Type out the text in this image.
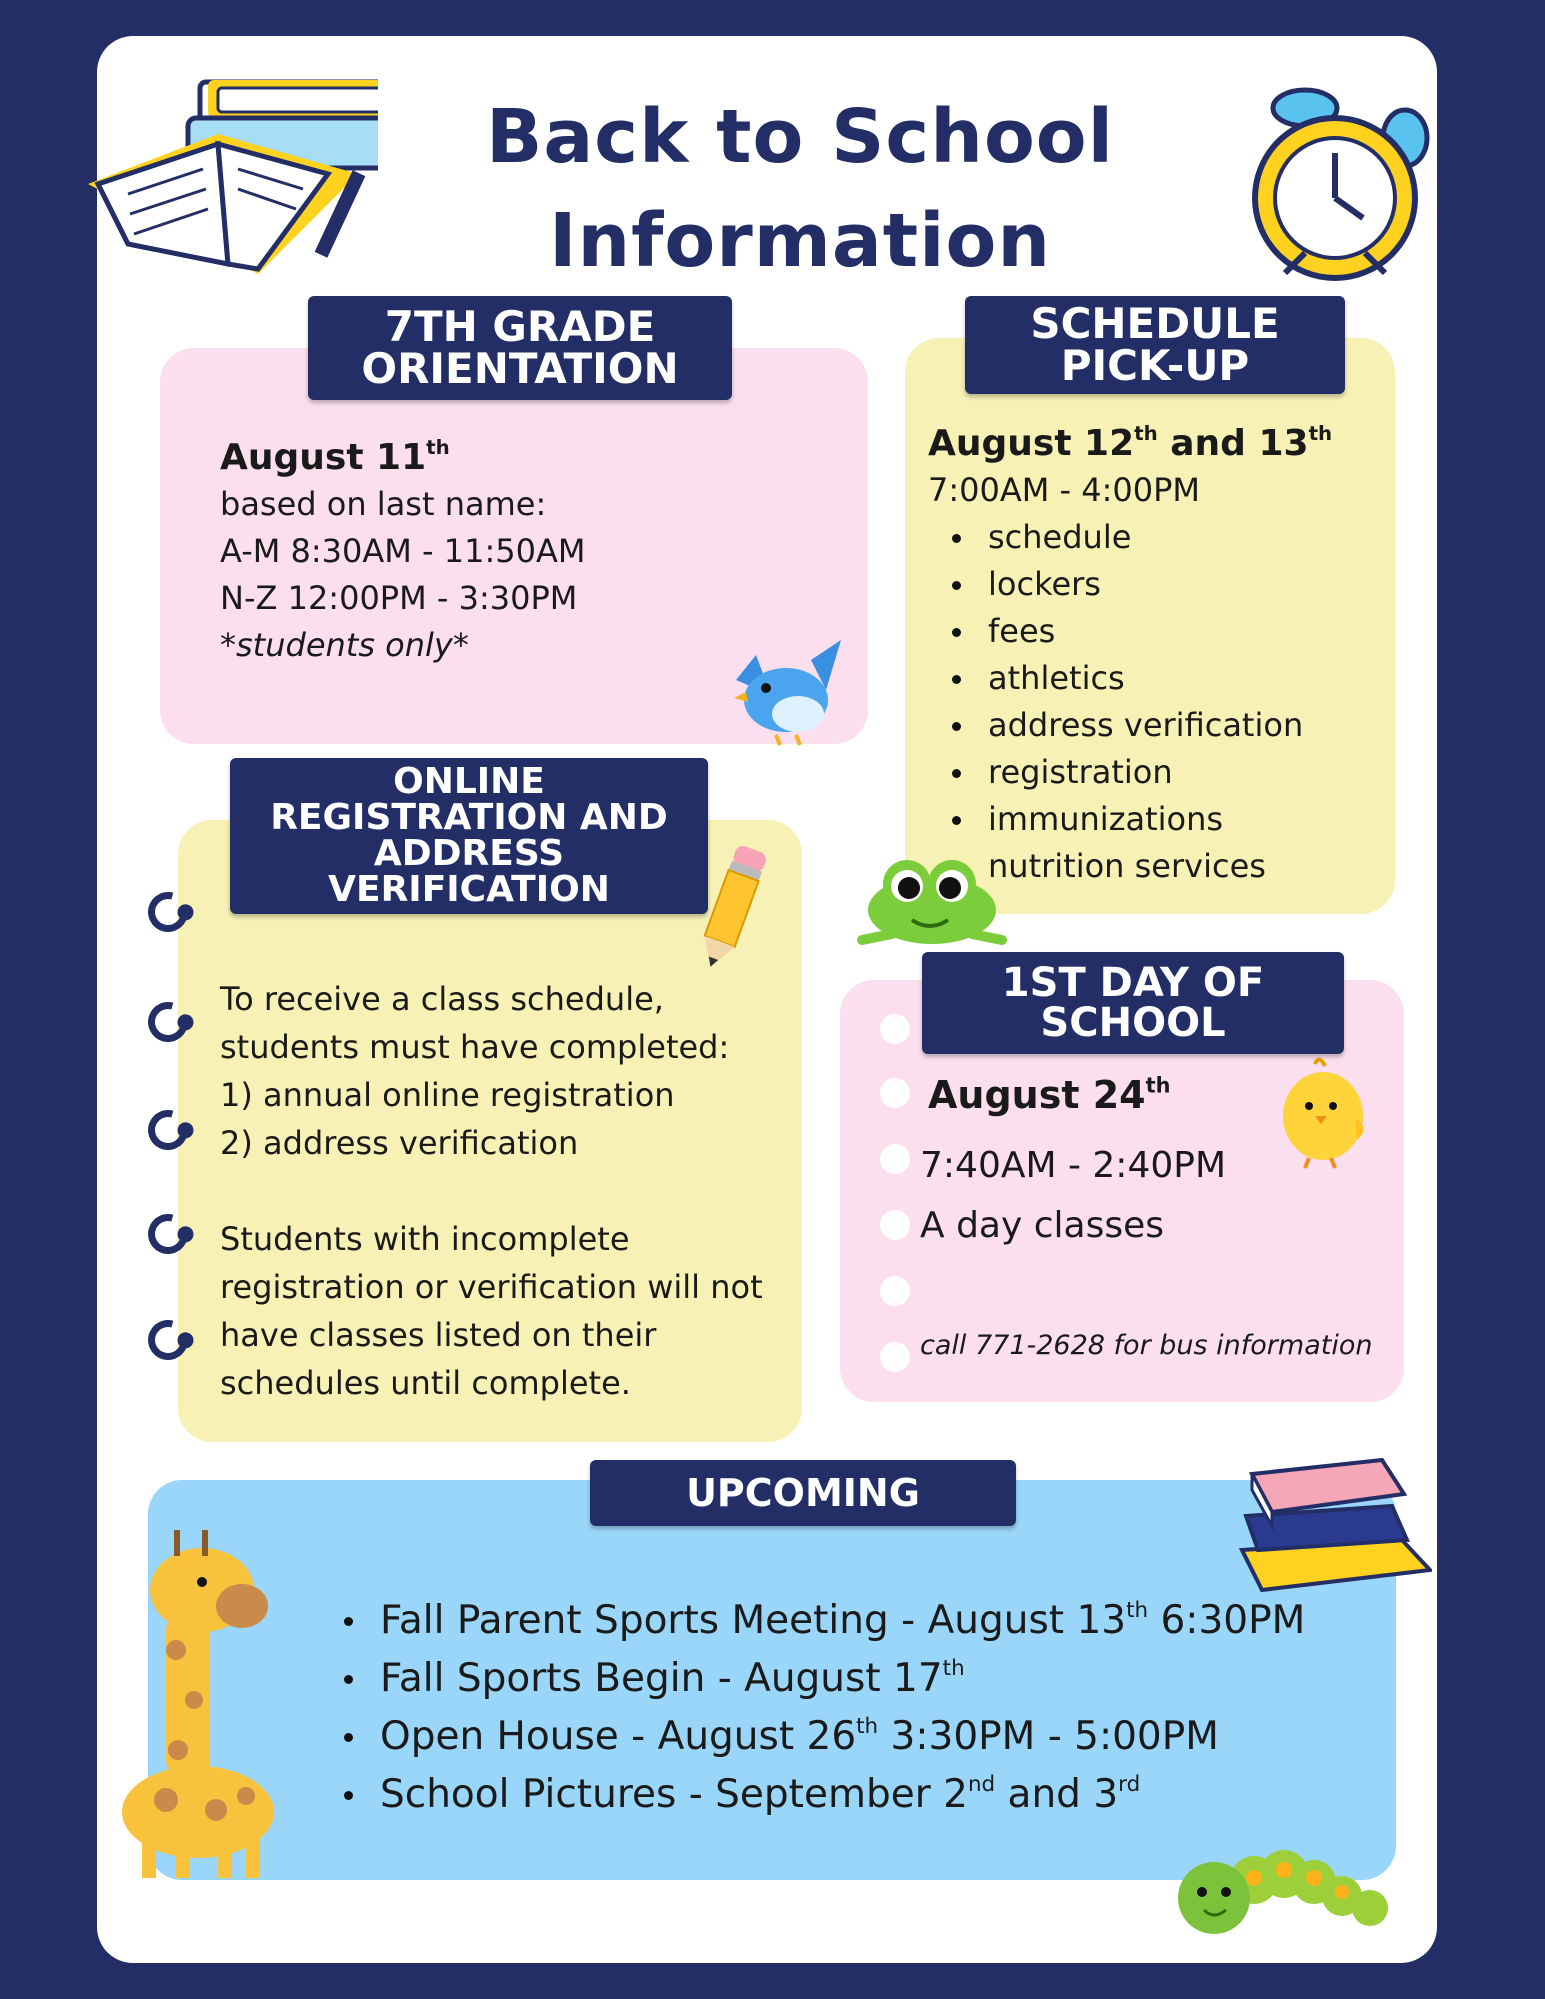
Back to School
Information
7TH GRADE
ORIENTATION
August 11th
based on last name:
A-M 8:30AM - 11:50AM
N-Z 12:00PM - 3:30PM
*students only*
SCHEDULE
PICK-UP
August 12th and 13th
7:00AM - 4:00PM
schedule
lockers
fees
athletics
address verification
registration
immunizations
nutrition services
ONLINE
REGISTRATION AND
ADDRESS
VERIFICATION
To receive a class schedule,
students must have completed:
1) annual online registration
2) address verification
Students with incomplete
registration or verification will not
have classes listed on their
schedules until complete.
1ST DAY OF
SCHOOL
August 24th
7:40AM - 2:40PM
A day classes
call 771-2628 for bus information
UPCOMING
Fall Parent Sports Meeting - August 13th 6:30PM
Fall Sports Begin - August 17th
Open House - August 26th 3:30PM - 5:00PM
School Pictures - September 2nd and 3rd
